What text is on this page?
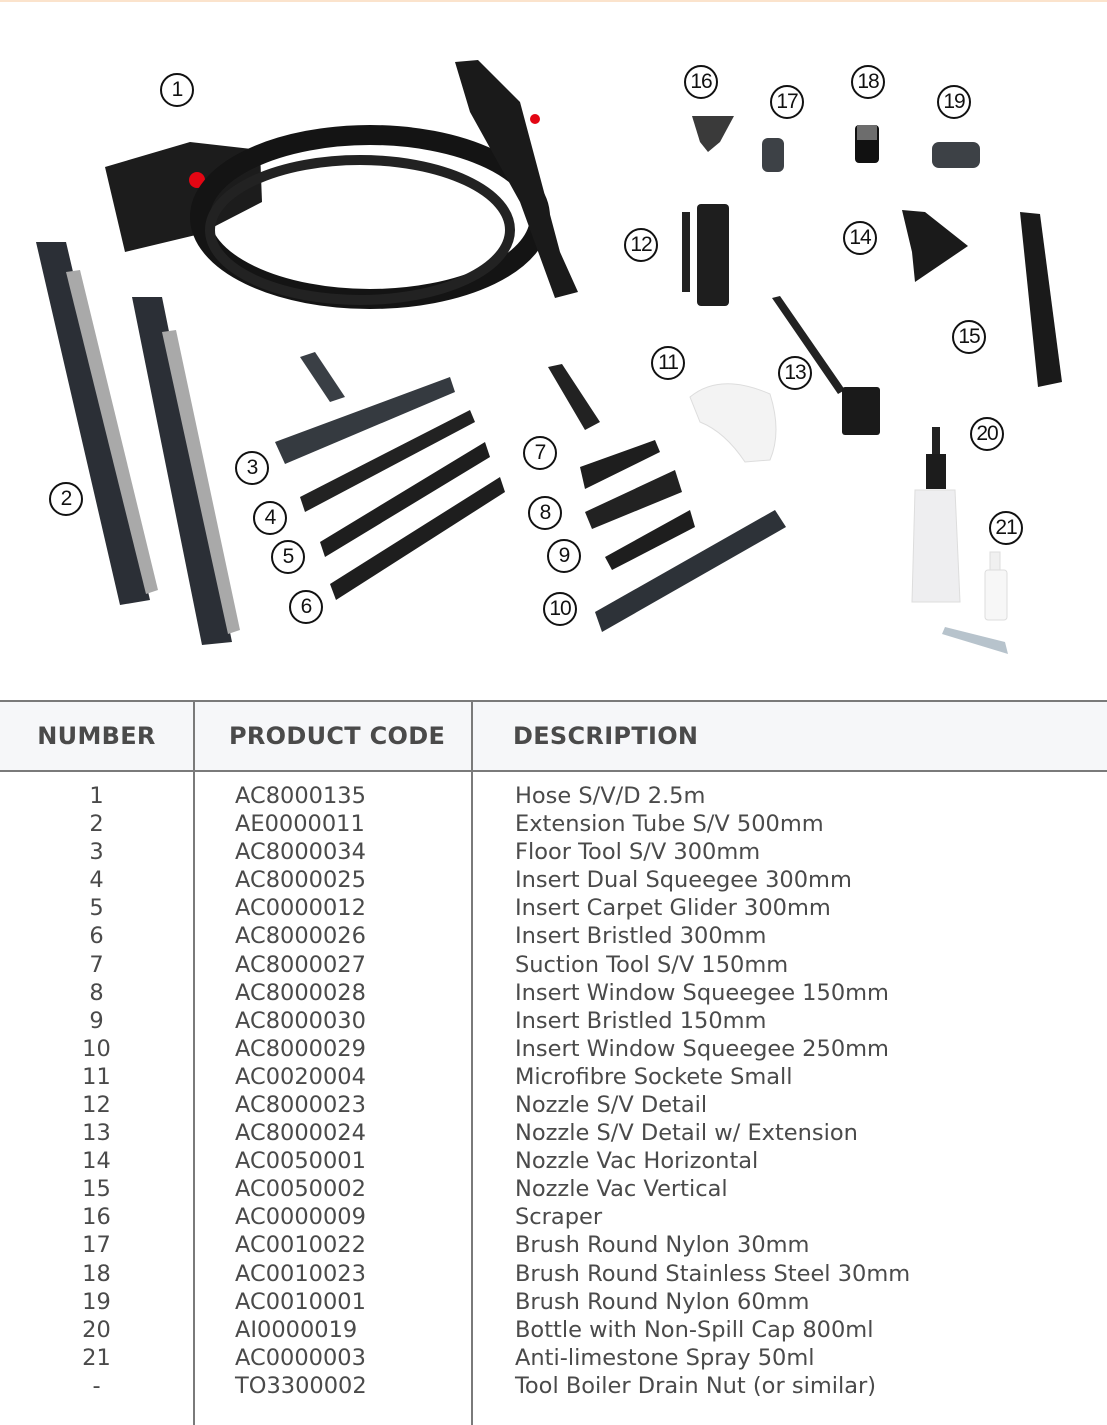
1
2
3
4
5
6
7
8
9
10
11
12
13
14
15
16
17
18
19
20
21
NUMBER	PRODUCT CODE	DESCRIPTION
1	AC8000135	Hose S/V/D 2.5m
2	AE0000011	Extension Tube S/V 500mm
3	AC8000034	Floor Tool S/V 300mm
4	AC8000025	Insert Dual Squeegee 300mm
5	AC0000012	Insert Carpet Glider 300mm
6	AC8000026	Insert Bristled 300mm
7	AC8000027	Suction Tool S/V 150mm
8	AC8000028	Insert Window Squeegee 150mm
9	AC8000030	Insert Bristled 150mm
10	AC8000029	Insert Window Squeegee 250mm
11	AC0020004	Microfibre Sockete Small
12	AC8000023	Nozzle S/V Detail
13	AC8000024	Nozzle S/V Detail w/ Extension
14	AC0050001	Nozzle Vac Horizontal
15	AC0050002	Nozzle Vac Vertical
16	AC0000009	Scraper
17	AC0010022	Brush Round Nylon 30mm
18	AC0010023	Brush Round Stainless Steel 30mm
19	AC0010001	Brush Round Nylon 60mm
20	AI0000019	Bottle with Non-Spill Cap 800ml
21	AC0000003	Anti-limestone Spray 50ml
-	TO3300002	Tool Boiler Drain Nut (or similar)
